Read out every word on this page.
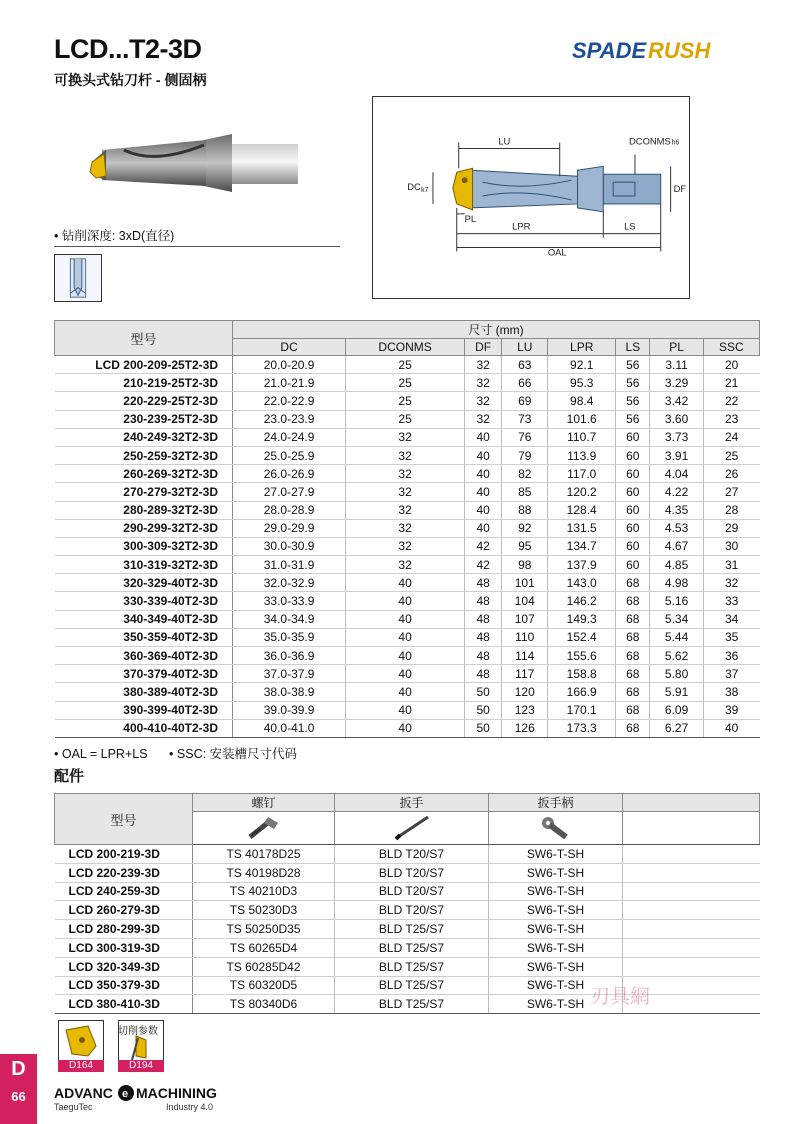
LCD...T2-3D
可换头式钻刀杆 - 侧固柄
SPADE RUSH
• 钻削深度: 3xD(直径)
LU	DCONMS h6
DC k7	DF
PL
LPR	LS
OAL
型号	尺寸 (mm)							
	DC	DCONMS	DF	LU	LPR	LS	PL	SSC
LCD 200-209-25T2-3D	20.0-20.9	25	32	63	92.1	56	3.11	20
210-219-25T2-3D	21.0-21.9	25	32	66	95.3	56	3.29	21
220-229-25T2-3D	22.0-22.9	25	32	69	98.4	56	3.42	22
230-239-25T2-3D	23.0-23.9	25	32	73	101.6	56	3.60	23
240-249-32T2-3D	24.0-24.9	32	40	76	110.7	60	3.73	24
250-259-32T2-3D	25.0-25.9	32	40	79	113.9	60	3.91	25
260-269-32T2-3D	26.0-26.9	32	40	82	117.0	60	4.04	26
270-279-32T2-3D	27.0-27.9	32	40	85	120.2	60	4.22	27
280-289-32T2-3D	28.0-28.9	32	40	88	128.4	60	4.35	28
290-299-32T2-3D	29.0-29.9	32	40	92	131.5	60	4.53	29
300-309-32T2-3D	30.0-30.9	32	42	95	134.7	60	4.67	30
310-319-32T2-3D	31.0-31.9	32	42	98	137.9	60	4.85	31
320-329-40T2-3D	32.0-32.9	40	48	101	143.0	68	4.98	32
330-339-40T2-3D	33.0-33.9	40	48	104	146.2	68	5.16	33
340-349-40T2-3D	34.0-34.9	40	48	107	149.3	68	5.34	34
350-359-40T2-3D	35.0-35.9	40	48	110	152.4	68	5.44	35
360-369-40T2-3D	36.0-36.9	40	48	114	155.6	68	5.62	36
370-379-40T2-3D	37.0-37.9	40	48	117	158.8	68	5.80	37
380-389-40T2-3D	38.0-38.9	40	50	120	166.9	68	5.91	38
390-399-40T2-3D	39.0-39.9	40	50	123	170.1	68	6.09	39
400-410-40T2-3D	40.0-41.0	40	50	126	173.3	68	6.27	40
• OAL = LPR+LS • SSC: 安装槽尺寸代码
配件
型号	螺钉	扳手	扳手柄	

LCD 200-219-3D	TS 40178D25	BLD T20/S7	SW6-T-SH	
LCD 220-239-3D	TS 40198D28	BLD T20/S7	SW6-T-SH	
LCD 240-259-3D	TS 40210D3	BLD T20/S7	SW6-T-SH	
LCD 260-279-3D	TS 50230D3	BLD T20/S7	SW6-T-SH	
LCD 280-299-3D	TS 50250D35	BLD T25/S7	SW6-T-SH	
LCD 300-319-3D	TS 60265D4	BLD T25/S7	SW6-T-SH	
LCD 320-349-3D	TS 60285D42	BLD T25/S7	SW6-T-SH	
LCD 350-379-3D	TS 60320D5	BLD T25/S7	SW6-T-SH	
LCD 380-410-3D	TS 80340D6	BLD T25/S7	SW6-T-SH	
D164
切削参数
D194
D
66	ADVANC e MACHINING
TaeguTec	Industry 4.0
刃具網
